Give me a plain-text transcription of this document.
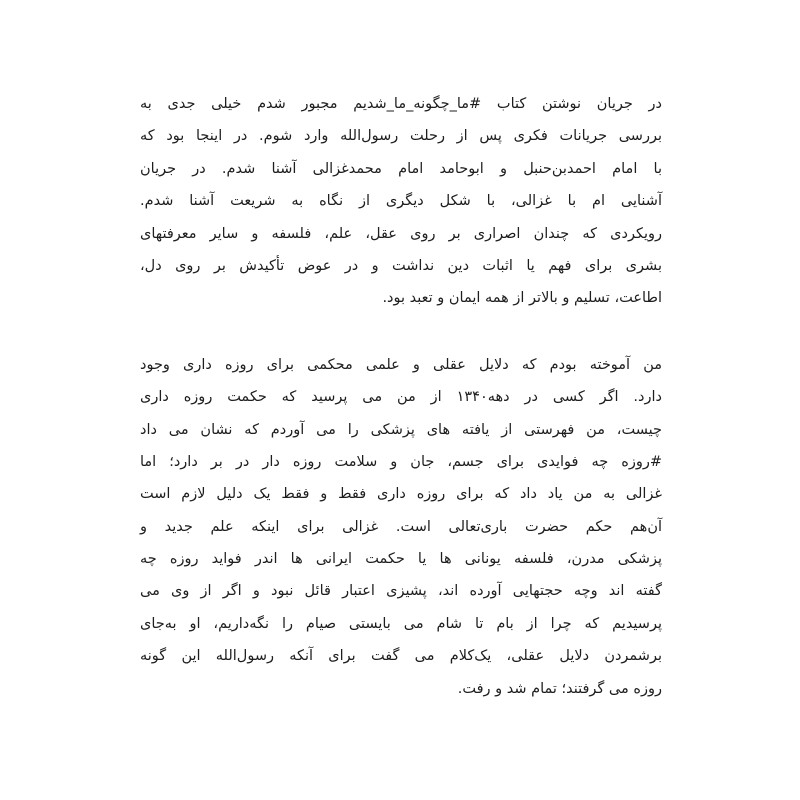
در جریان نوشتن کتاب #ما_چگونه_ما_شدیم مجبور شدم خیلی جدی به
بررسی جریانات فکری پس از رحلت رسول‌الله وارد شوم. در اینجا بود که
با امام احمدبن‌حنبل و ابوحامد امام محمدغزالی آشنا شدم. در جریان
آشنایی ام با غزالی، با شکل دیگری از نگاه به شریعت آشنا شدم.
رویکردی که چندان اصراری بر روی عقل، علم، فلسفه و سایر معرفتهای
بشری برای فهم یا اثبات دین نداشت و در عوض تأکیدش بر روی دل،
اطاعت، تسلیم و بالاتر از همه ایمان و تعبد بود.

من آموخته بودم که دلایل عقلی و علمی محکمی برای روزه داری وجود
دارد. اگر کسی در دهه۱۳۴۰ از من می پرسید که حکمت روزه داری
چیست، من فهرستی از یافته های پزشکی را می آوردم که نشان می داد
#روزه چه فوایدی برای جسم، جان و سلامت روزه دار در بر دارد؛ اما
غزالی به من یاد داد که برای روزه داری فقط و فقط یک دلیل لازم است
آن‌هم حکم حضرت باری‌تعالی است. غزالی برای اینکه علم جدید و
پزشکی مدرن، فلسفه یونانی ها یا حکمت ایرانی ها اندر فواید روزه چه
گفته اند وچه حجتهایی آورده اند، پشیزی اعتبار قائل نبود و اگر از وی می
پرسیدیم که چرا از بام تا شام می بایستی صیام را نگه‌داریم، او به‌جای
برشمردن دلایل عقلی، یک‌کلام می گفت برای آنکه رسول‌الله این گونه
روزه می گرفتند؛ تمام شد و رفت.
